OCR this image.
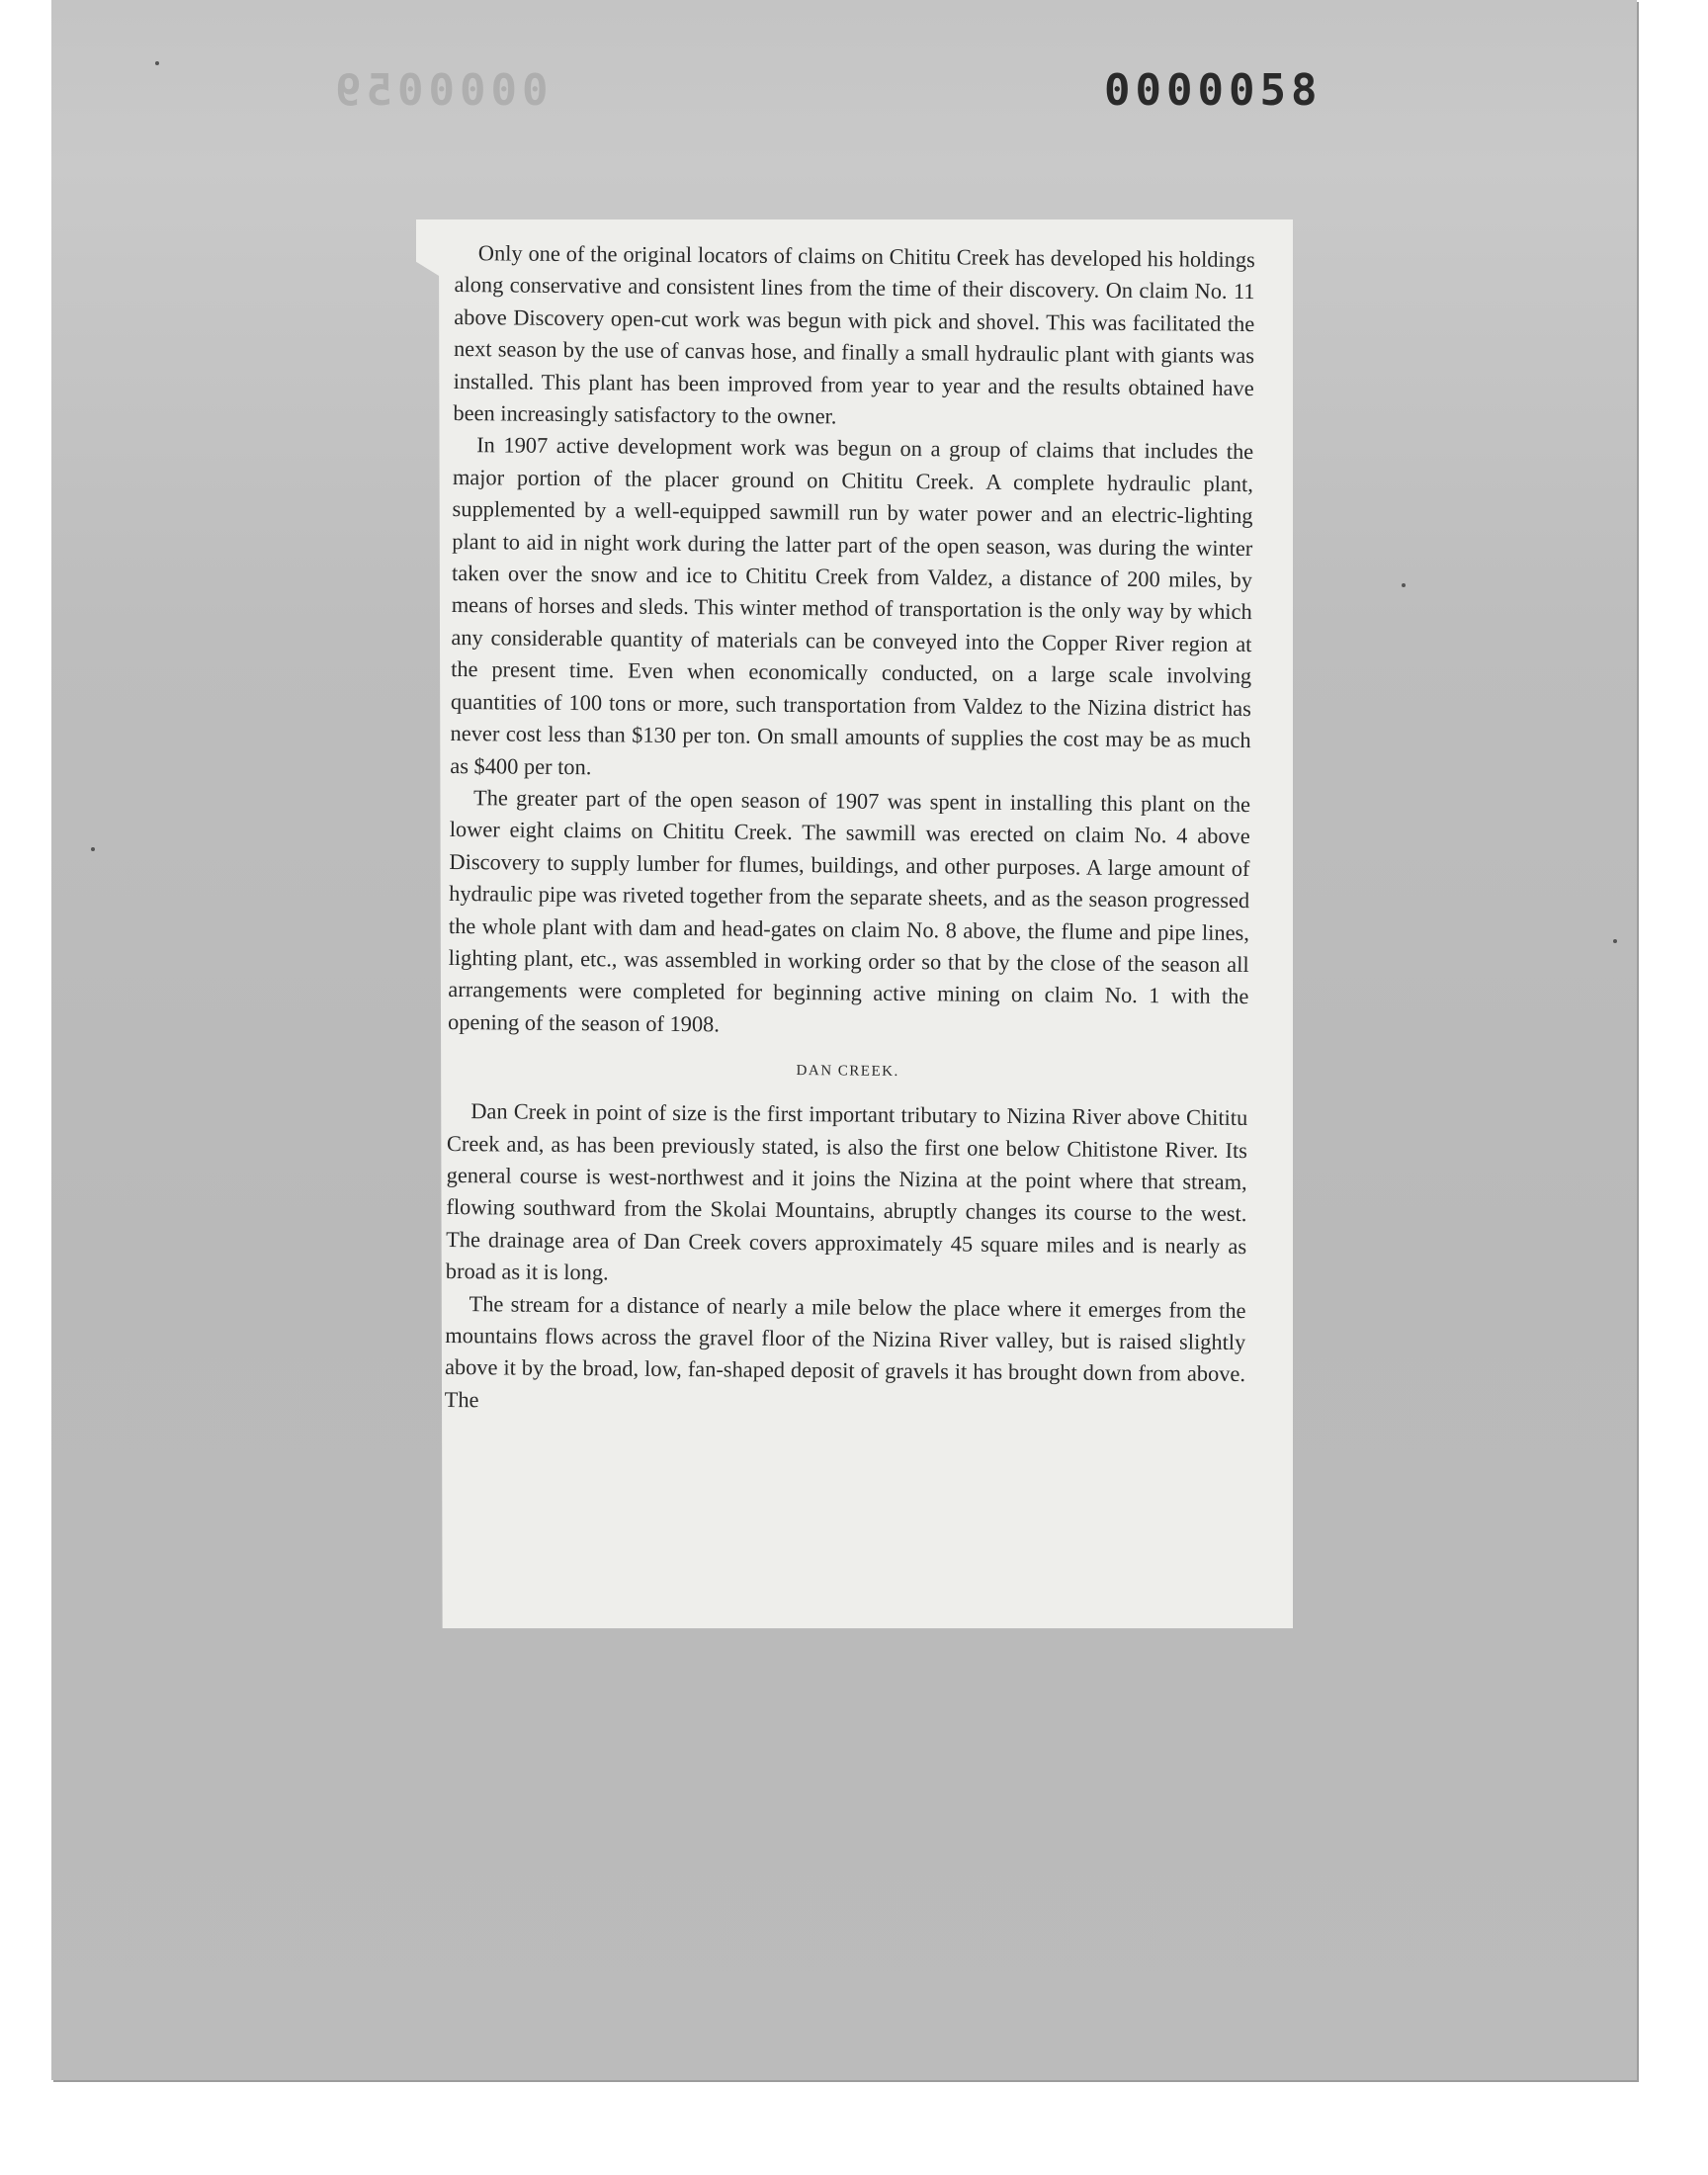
0000059	0000058

Only one of the original locators of claims on Chititu Creek has developed his holdings along conservative and consistent lines from the time of their discovery. On claim No. 11 above Discovery open-cut work was begun with pick and shovel. This was facilitated the next season by the use of canvas hose, and finally a small hydraulic plant with giants was installed. This plant has been improved from year to year and the results obtained have been increasingly satisfactory to the owner.

In 1907 active development work was begun on a group of claims that includes the major portion of the placer ground on Chititu Creek. A complete hydraulic plant, supplemented by a well-equipped sawmill run by water power and an electric-lighting plant to aid in night work during the latter part of the open season, was during the winter taken over the snow and ice to Chititu Creek from Valdez, a distance of 200 miles, by means of horses and sleds. This winter method of transportation is the only way by which any considerable quantity of materials can be conveyed into the Copper River region at the present time. Even when economically conducted, on a large scale involving quantities of 100 tons or more, such transportation from Valdez to the Nizina district has never cost less than $130 per ton. On small amounts of supplies the cost may be as much as $400 per ton.

The greater part of the open season of 1907 was spent in installing this plant on the lower eight claims on Chititu Creek. The sawmill was erected on claim No. 4 above Discovery to supply lumber for flumes, buildings, and other purposes. A large amount of hydraulic pipe was riveted together from the separate sheets, and as the season progressed the whole plant with dam and head-gates on claim No. 8 above, the flume and pipe lines, lighting plant, etc., was assembled in working order so that by the close of the season all arrangements were completed for beginning active mining on claim No. 1 with the opening of the season of 1908.

DAN CREEK.

Dan Creek in point of size is the first important tributary to Nizina River above Chititu Creek and, as has been previously stated, is also the first one below Chitistone River. Its general course is west-northwest and it joins the Nizina at the point where that stream, flowing southward from the Skolai Mountains, abruptly changes its course to the west. The drainage area of Dan Creek covers approximately 45 square miles and is nearly as broad as it is long.

The stream for a distance of nearly a mile below the place where it emerges from the mountains flows across the gravel floor of the Nizina River valley, but is raised slightly above it by the broad, low, fan-shaped deposit of gravels it has brought down from above. The
